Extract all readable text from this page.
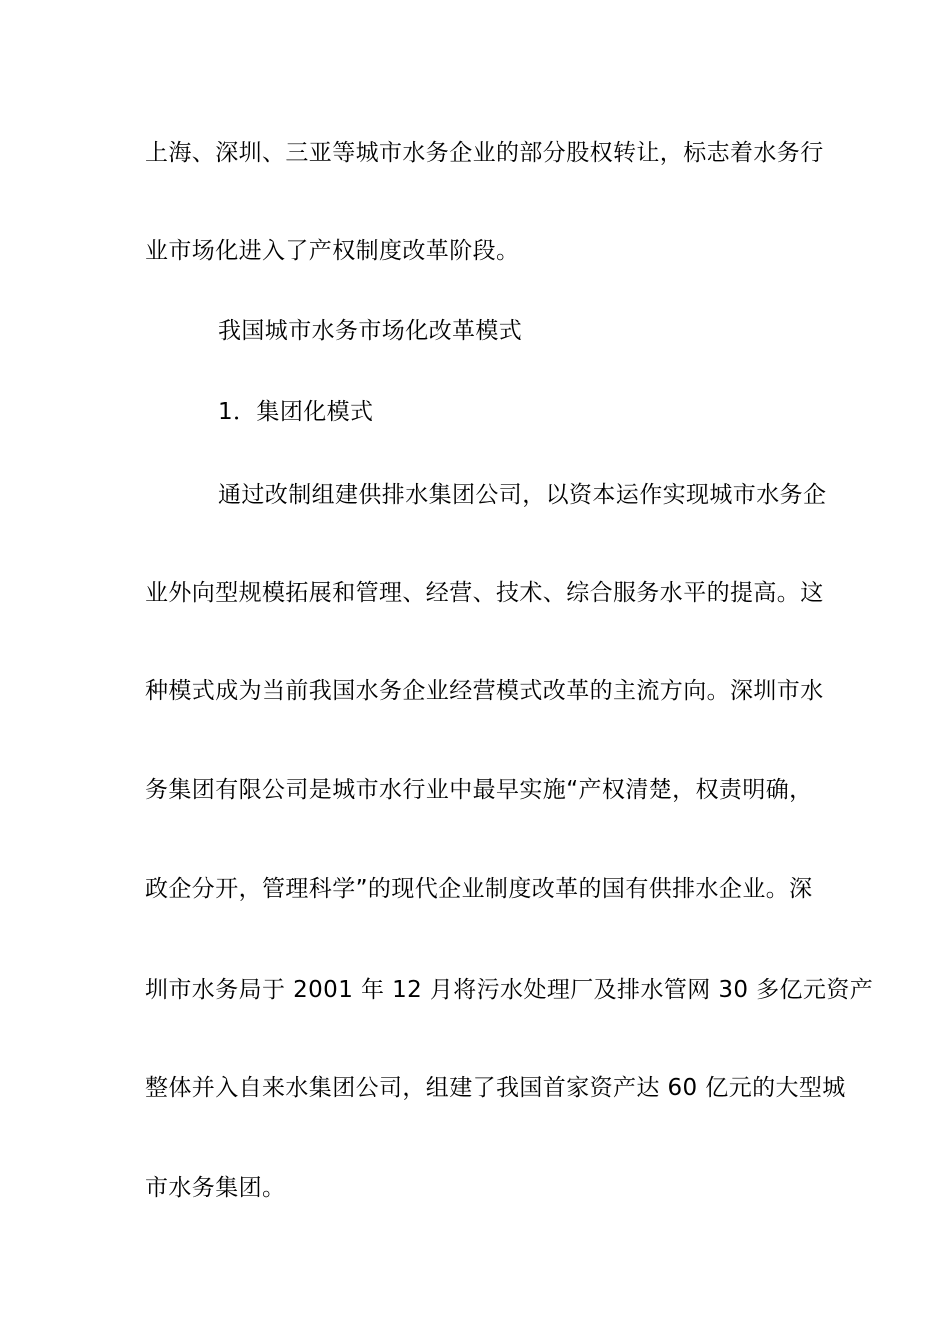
上海、深圳、三亚等城市水务企业的部分股权转让，标志着水务行
业市场化进入了产权制度改革阶段。
我国城市水务市场化改革模式
1．集团化模式
通过改制组建供排水集团公司，以资本运作实现城市水务企
业外向型规模拓展和管理、经营、技术、综合服务水平的提高。这
种模式成为当前我国水务企业经营模式改革的主流方向。深圳市水
务集团有限公司是城市水行业中最早实施“产权清楚，权责明确，
政企分开，管理科学”的现代企业制度改革的国有供排水企业。深
圳市水务局于 2001 年 12 月将污水处理厂及排水管网 30 多亿元资产
整体并入自来水集团公司，组建了我国首家资产达 60 亿元的大型城
市水务集团。
